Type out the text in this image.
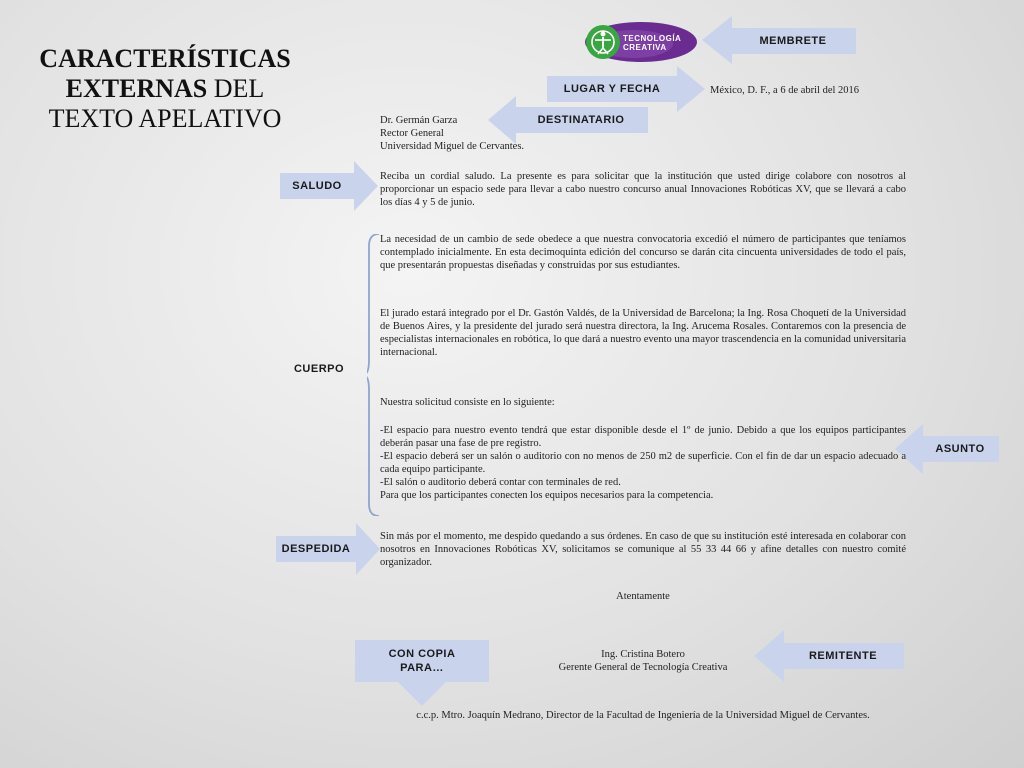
CARACTERÍSTICAS
EXTERNAS DEL
TEXTO APELATIVO
TECNOLOGÍA
CREATIVA
MEMBRETE
LUGAR Y FECHA
DESTINATARIO
SALUDO
CUERPO
ASUNTO
DESPEDIDA
CON COPIA
PARA…
REMITENTE
México, D. F., a 6 de abril del 2016
Dr. Germán Garza
Rector General
Universidad Miguel de Cervantes.
Reciba un cordial saludo. La presente es para solicitar que la institución que usted dirige colabore con nosotros al proporcionar un espacio sede para llevar a cabo nuestro concurso anual Innovaciones Robóticas XV, que se llevará a cabo los días 4 y 5 de junio.
La necesidad de un cambio de sede obedece a que nuestra convocatoria excedió el número de participantes que teníamos contemplado inicialmente. En esta decimoquinta edición del concurso se darán cita cincuenta universidades de todo el país, que presentarán propuestas diseñadas y construidas por sus estudiantes.
El jurado estará integrado por el Dr. Gastón Valdés, de la Universidad de Barcelona; la Ing. Rosa Choquetí de la Universidad de Buenos Aires, y la presidente del jurado será nuestra directora, la Ing. Arucema Rosales. Contaremos con la presencia de especialistas internacionales en robótica, lo que dará a nuestro evento una mayor trascendencia en la comunidad universitaria internacional.
Nuestra solicitud consiste en lo siguiente:
-El espacio para nuestro evento tendrá que estar disponible desde el 1º de junio. Debido a que los equipos participantes deberán pasar una fase de pre registro.
-El espacio deberá ser un salón o auditorio con no menos de 250 m2 de superficie. Con el fin de dar un espacio adecuado a cada equipo participante.
-El salón o auditorio deberá contar con terminales de red.
Para que los participantes conecten los equipos necesarios para la competencia.
Sin más por el momento, me despido quedando a sus órdenes. En caso de que su institución esté interesada en colaborar con nosotros en Innovaciones Robóticas XV, solicitamos se comunique al 55 33 44 66 y afine detalles con nuestro comité organizador.
Atentamente
Ing. Cristina Botero
Gerente General de Tecnología Creativa
c.c.p. Mtro. Joaquín Medrano, Director de la Facultad de Ingeniería de la Universidad Miguel de Cervantes.
